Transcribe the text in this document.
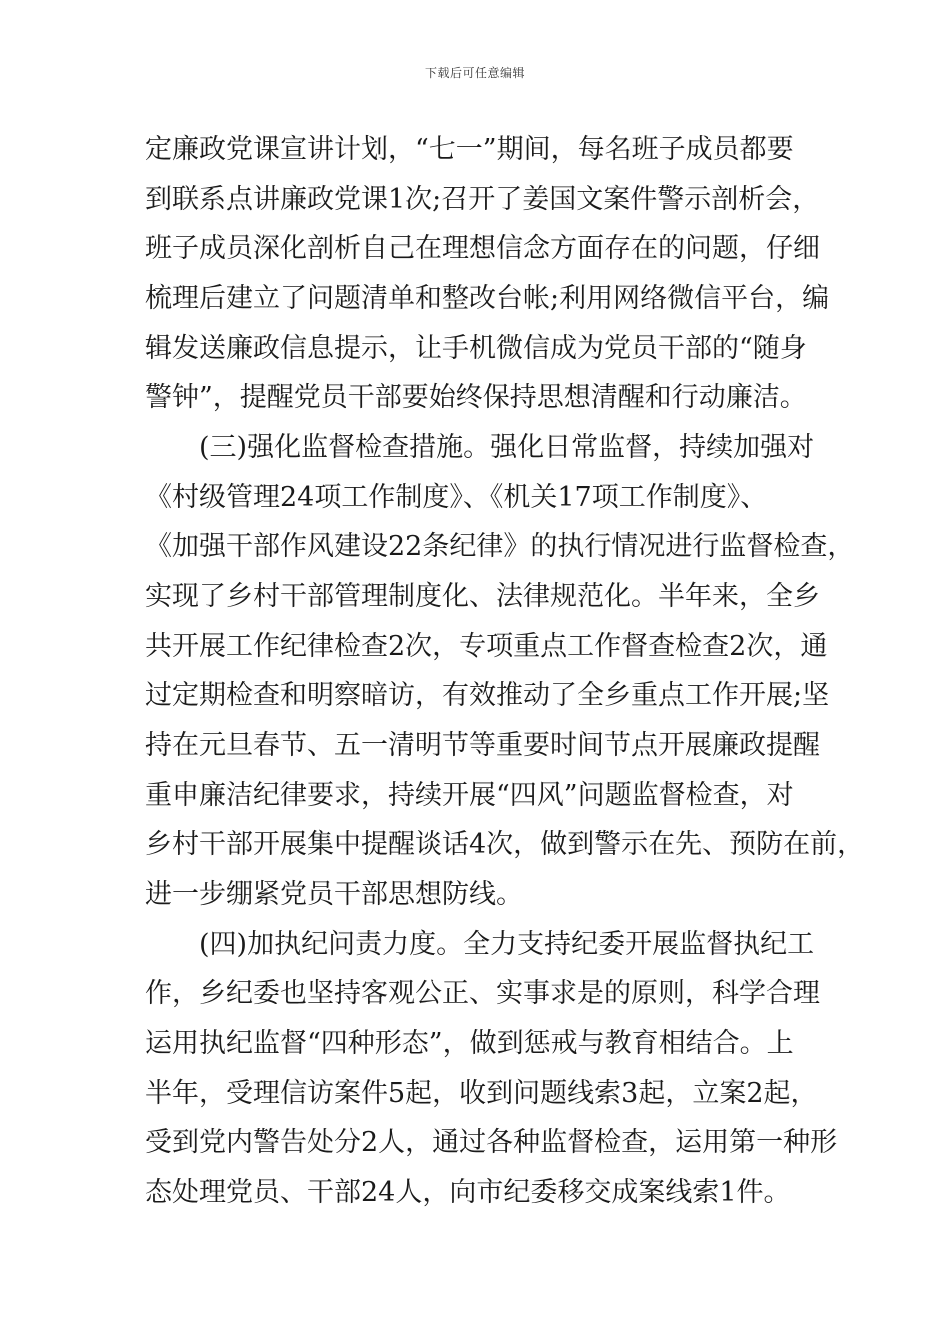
下载后可任意编辑
定廉政党课宣讲计划，“七一”期间，每名班子成员都要
到联系点讲廉政党课1次;召开了姜国文案件警示剖析会，
班子成员深化剖析自己在理想信念方面存在的问题，仔细
梳理后建立了问题清单和整改台帐;利用网络微信平台，编
辑发送廉政信息提示，让手机微信成为党员干部的“随身
警钟”，提醒党员干部要始终保持思想清醒和行动廉洁。
(三)强化监督检查措施。强化日常监督，持续加强对
《村级管理24项工作制度》、《机关17项工作制度》、
《加强干部作风建设22条纪律》的执行情况进行监督检查，
实现了乡村干部管理制度化、法律规范化。半年来，全乡
共开展工作纪律检查2次，专项重点工作督查检查2次，通
过定期检查和明察暗访，有效推动了全乡重点工作开展;坚
持在元旦春节、五一清明节等重要时间节点开展廉政提醒
重申廉洁纪律要求，持续开展“四风”问题监督检查，对
乡村干部开展集中提醒谈话4次，做到警示在先、预防在前，
进一步绷紧党员干部思想防线。
(四)加执纪问责力度。全力支持纪委开展监督执纪工
作，乡纪委也坚持客观公正、实事求是的原则，科学合理
运用执纪监督“四种形态”，做到惩戒与教育相结合。上
半年，受理信访案件5起，收到问题线索3起，立案2起，
受到党内警告处分2人，通过各种监督检查，运用第一种形
态处理党员、干部24人，向市纪委移交成案线索1件。
